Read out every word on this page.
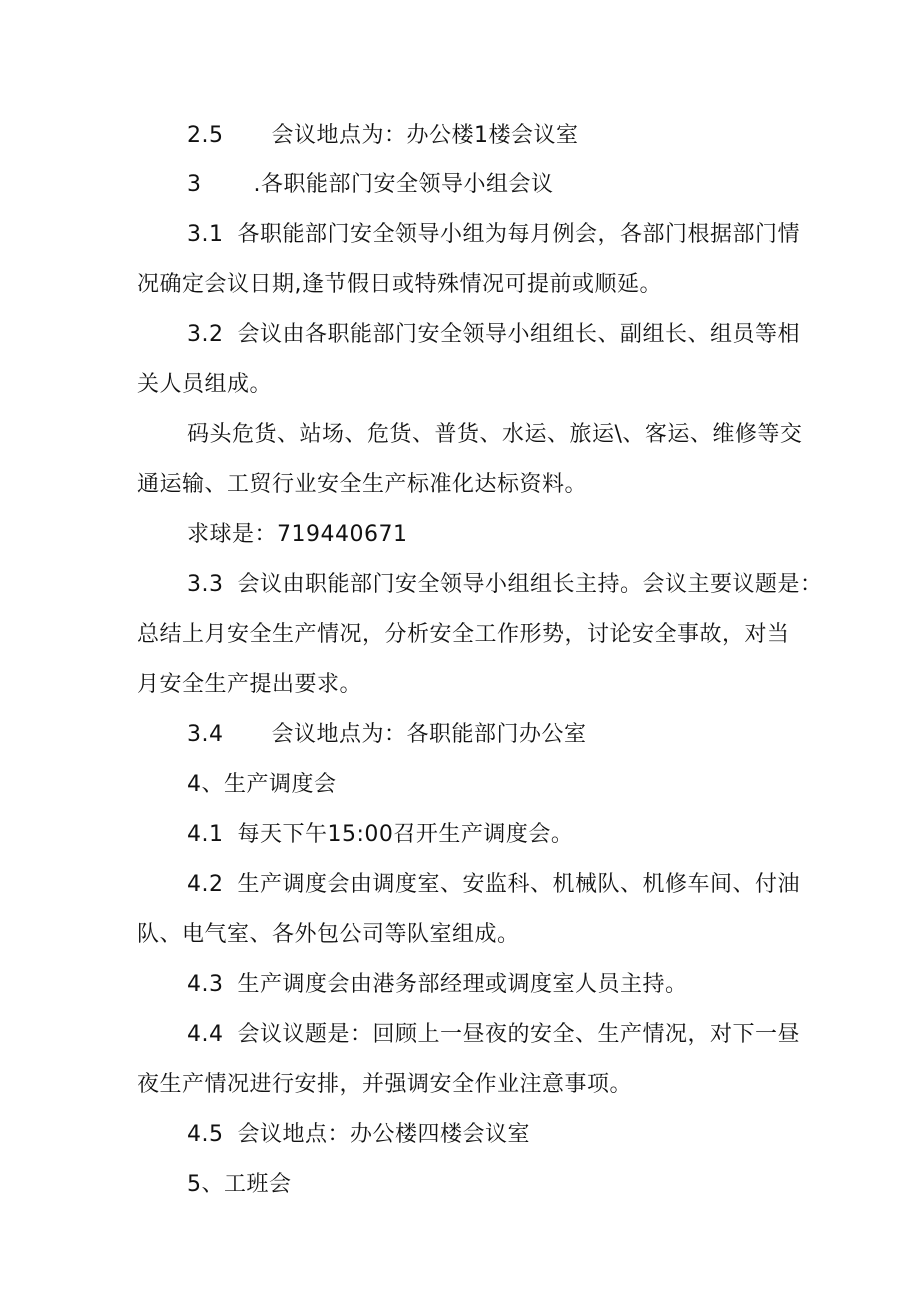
2.5 会议地点为：办公楼1楼会议室
3 .各职能部门安全领导小组会议
3.1 各职能部门安全领导小组为每月例会，各部门根据部门情
况确定会议日期,逢节假日或特殊情况可提前或顺延。
3.2 会议由各职能部门安全领导小组组长、副组长、组员等相
关人员组成。
码头危货、站场、危货、普货、水运、旅运\、客运、维修等交
通运输、工贸行业安全生产标准化达标资料。
求球是：719440671
3.3 会议由职能部门安全领导小组组长主持。会议主要议题是：
总结上月安全生产情况，分析安全工作形势，讨论安全事故，对当
月安全生产提出要求。
3.4 会议地点为：各职能部门办公室
4、生产调度会
4.1 每天下午15:00召开生产调度会。
4.2 生产调度会由调度室、安监科、机械队、机修车间、付油
队、电气室、各外包公司等队室组成。
4.3 生产调度会由港务部经理或调度室人员主持。
4.4 会议议题是：回顾上一昼夜的安全、生产情况，对下一昼
夜生产情况进行安排，并强调安全作业注意事项。
4.5 会议地点：办公楼四楼会议室
5、工班会
